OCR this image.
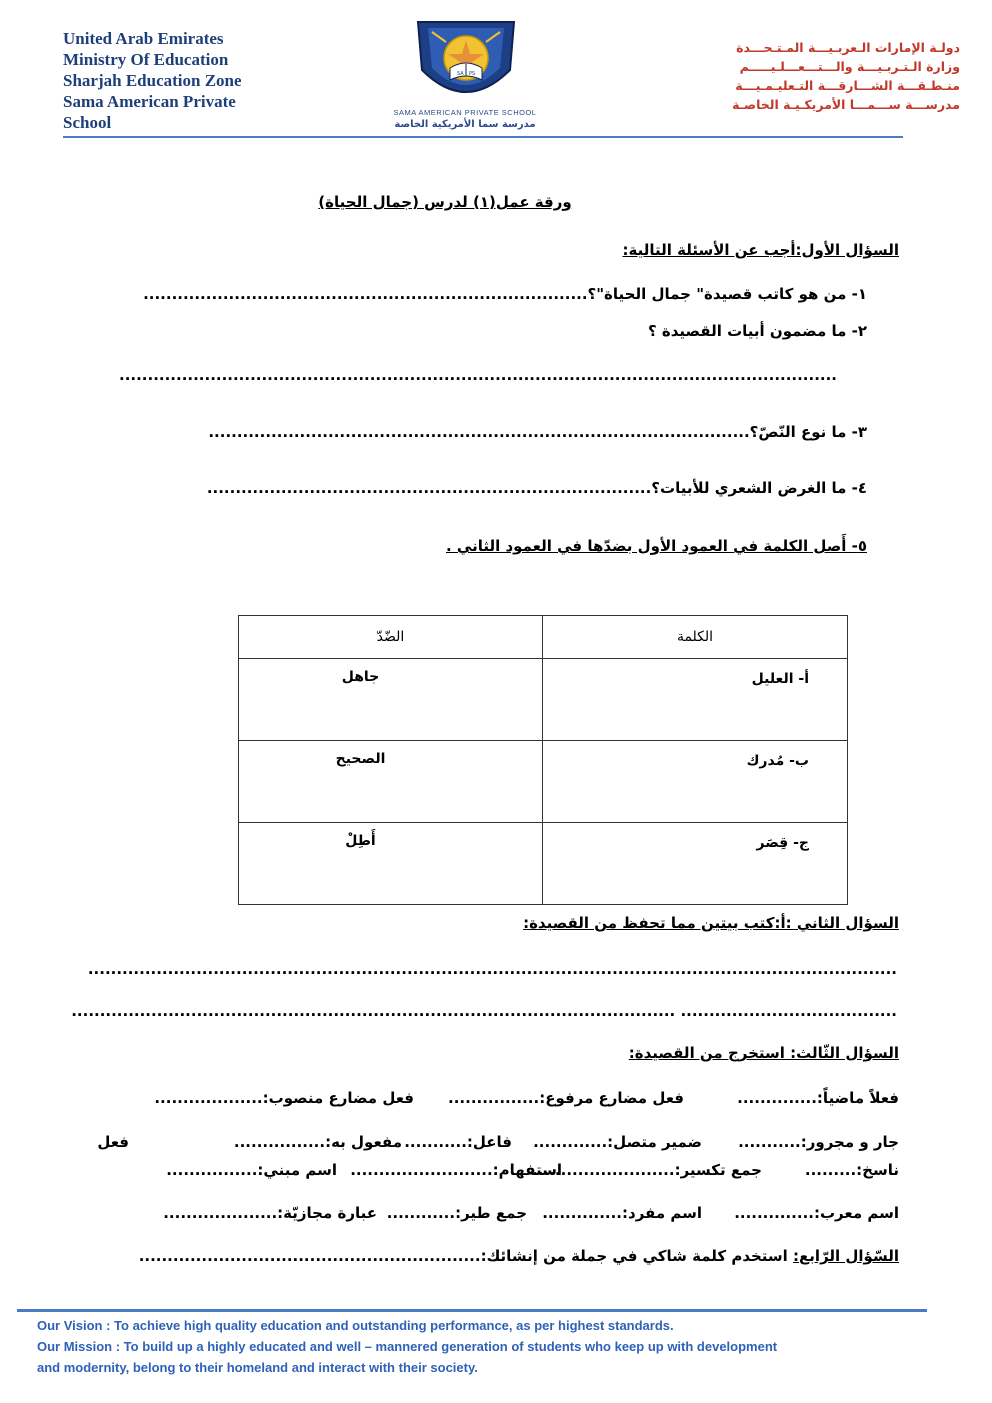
United Arab Emirates
Ministry Of Education
Sharjah Education Zone
Sama American Private
School
SA PS
SAMA AMERICAN PRIVATE SCHOOL
مدرسة سما الأمريكية الخاصة
دولـة الإمارات الـعربـيـــة المـتـحـــدة
وزارة الـتـربـيـــة والـــتـــعـــلـيـــــم
منـطـقـــة الشـــارقـــة التـعليـمـيـــة
مدرســـة ســـمـــا الأمريكـيـة الخاصـة
ورقة عمل(١) لدرس (جمال الحياة)
السؤال الأول:أجب عن الأسئلة التالية:
١- من هو كاتب قصيدة" جمال الحياة"؟..............................................................................
٢- ما مضمون أبيات القصيدة ؟
..............................................................................................................................
٣- ما نوع النّصّ؟...............................................................................................
٤- ما الغرض الشعري للأبيات؟..............................................................................
٥- أَصل الكلمة في العمود الأول بضدّها في العمود الثاني .
الكلمة	الضّدّ
أ- العليل	جاهل
ب- مُدرك	الصحيح
ج- قِصَر	أَطِلْ
السؤال الثاني :أ:كتب بيتين مما تحفظ من القصيدة:
..............................................................................................................................................
...................................... ..........................................................................................................
السؤال الثّالث: استخرج من القصيدة:
فعلاً ماضياً:..............
فعل مضارع مرفوع:................
فعل مضارع منصوب:...................
جار و مجرور:...........
ضمير متصل:.............
فاعل:...........
مفعول به:................
فعل
ناسخ:.........
جمع تكسير:.........................
استفهام:.........................
اسم مبني:................
اسم معرب:..............
اسم مفرد:..............
جمع طير:............
عبارة مجازيّة:....................
السّؤال الرّابع: استخدم كلمة شاكي في جملة من إنشائك:............................................................
Our Vision : To achieve high quality education and outstanding performance, as per highest standards.
Our Mission : To build up a highly educated and well – mannered generation of students who keep up with development
and modernity, belong to their homeland and interact with their society.
